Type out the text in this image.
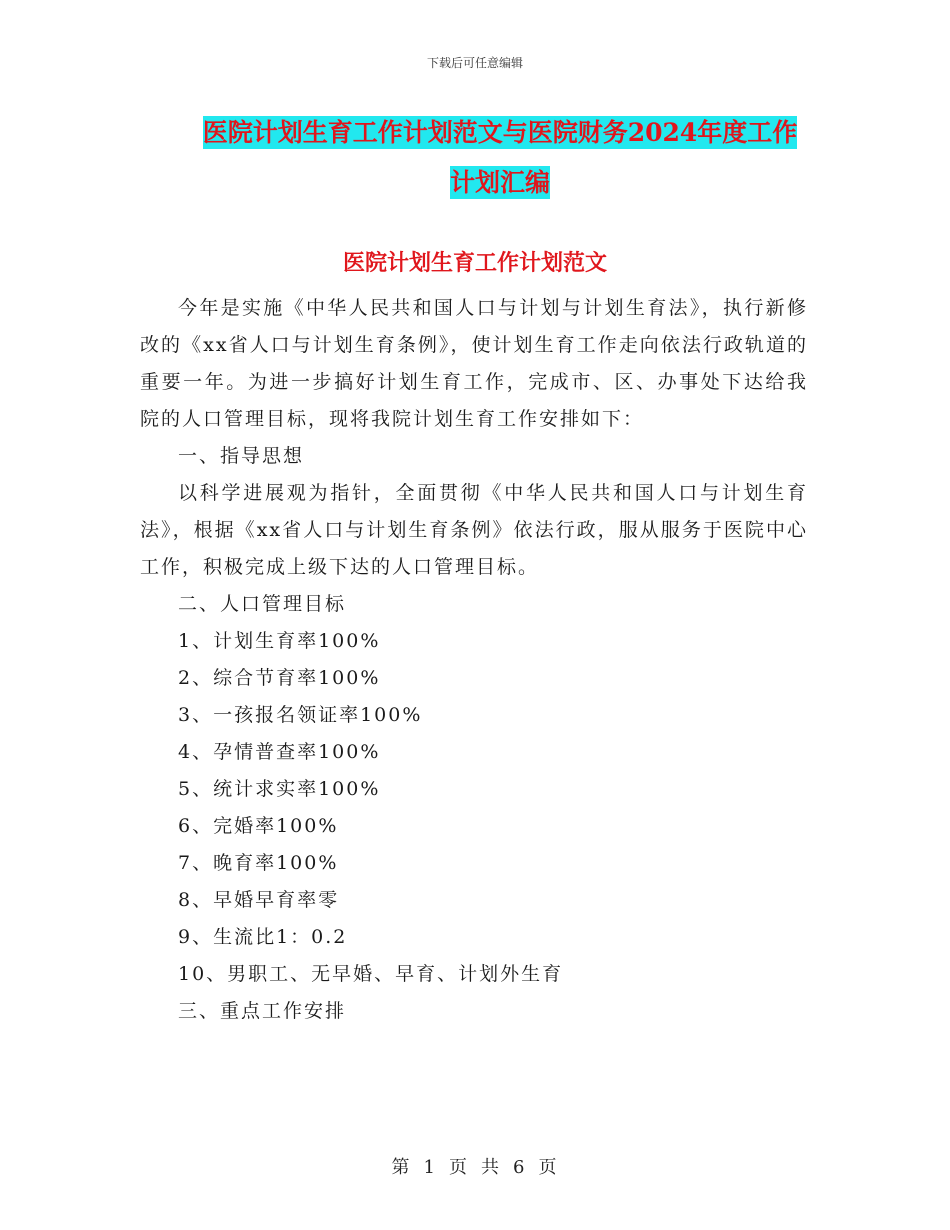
下载后可任意编辑
医院计划生育工作计划范文与医院财务2024年度工作
计划汇编
医院计划生育工作计划范文

今年是实施《中华人民共和国人口与计划与计划生育法》，执行新修改的《xx省人口与计划生育条例》，使计划生育工作走向依法行政轨道的重要一年。为进一步搞好计划生育工作，完成市、区、办事处下达给我院的人口管理目标，现将我院计划生育工作安排如下：

一、指导思想

以科学进展观为指针，全面贯彻《中华人民共和国人口与计划生育法》，根据《xx省人口与计划生育条例》依法行政，服从服务于医院中心工作，积极完成上级下达的人口管理目标。

二、人口管理目标

1、计划生育率100%

2、综合节育率100%

3、一孩报名领证率100%

4、孕情普查率100%

5、统计求实率100%

6、完婚率100%

7、晚育率100%

8、早婚早育率零

9、生流比1：0.2

10、男职工、无早婚、早育、计划外生育

三、重点工作安排

第 1 页 共 6 页
